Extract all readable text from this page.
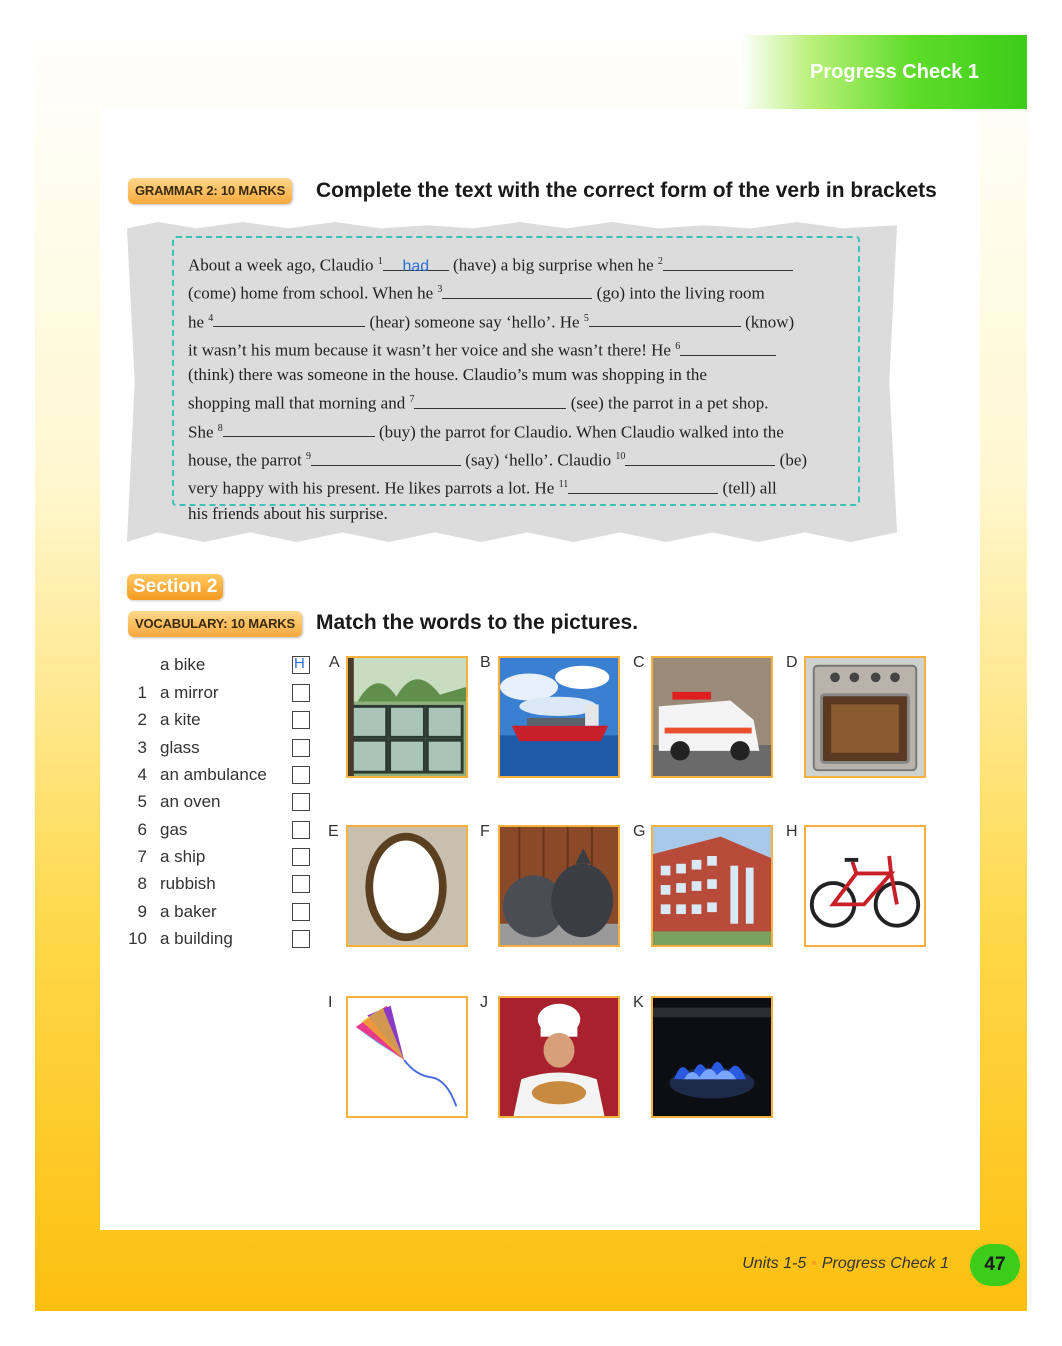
Progress Check 1
GRAMMAR 2: 10 MARKS	Complete the text with the correct form of the verb in brackets
About a week ago, Claudio $^1$ had (have) a big surprise when he $^2$
(come) home from school. When he $^3$	(go) into the living room
he $^4$	(hear) someone say ‘hello’. He $^5$	(know)
it wasn’t his mum because it wasn’t her voice and she wasn’t there! He $^6$
(think) there was someone in the house. Claudio’s mum was shopping in the
shopping mall that morning and $^7$	(see) the parrot in a pet shop.
She $^8$	(buy) the parrot for Claudio. When Claudio walked into the
house, the parrot $^9$	(say) ‘hello’. Claudio $^{10}$	(be)
very happy with his present. He likes parrots a lot. He $^{11}$	(tell) all
his friends about his surprise.
Section 2
VOCABULARY: 10 MARKS	Match the words to the pictures.
a bike	H
1 a mirror
2 a kite
3 glass
4 an ambulance
5 an oven
6 gas
7 a ship
8 rubbish
9 a baker
10 a building
A	B	C	D
E	F	G	H
I	J	K
Units 1-5 • Progress Check 1	47
